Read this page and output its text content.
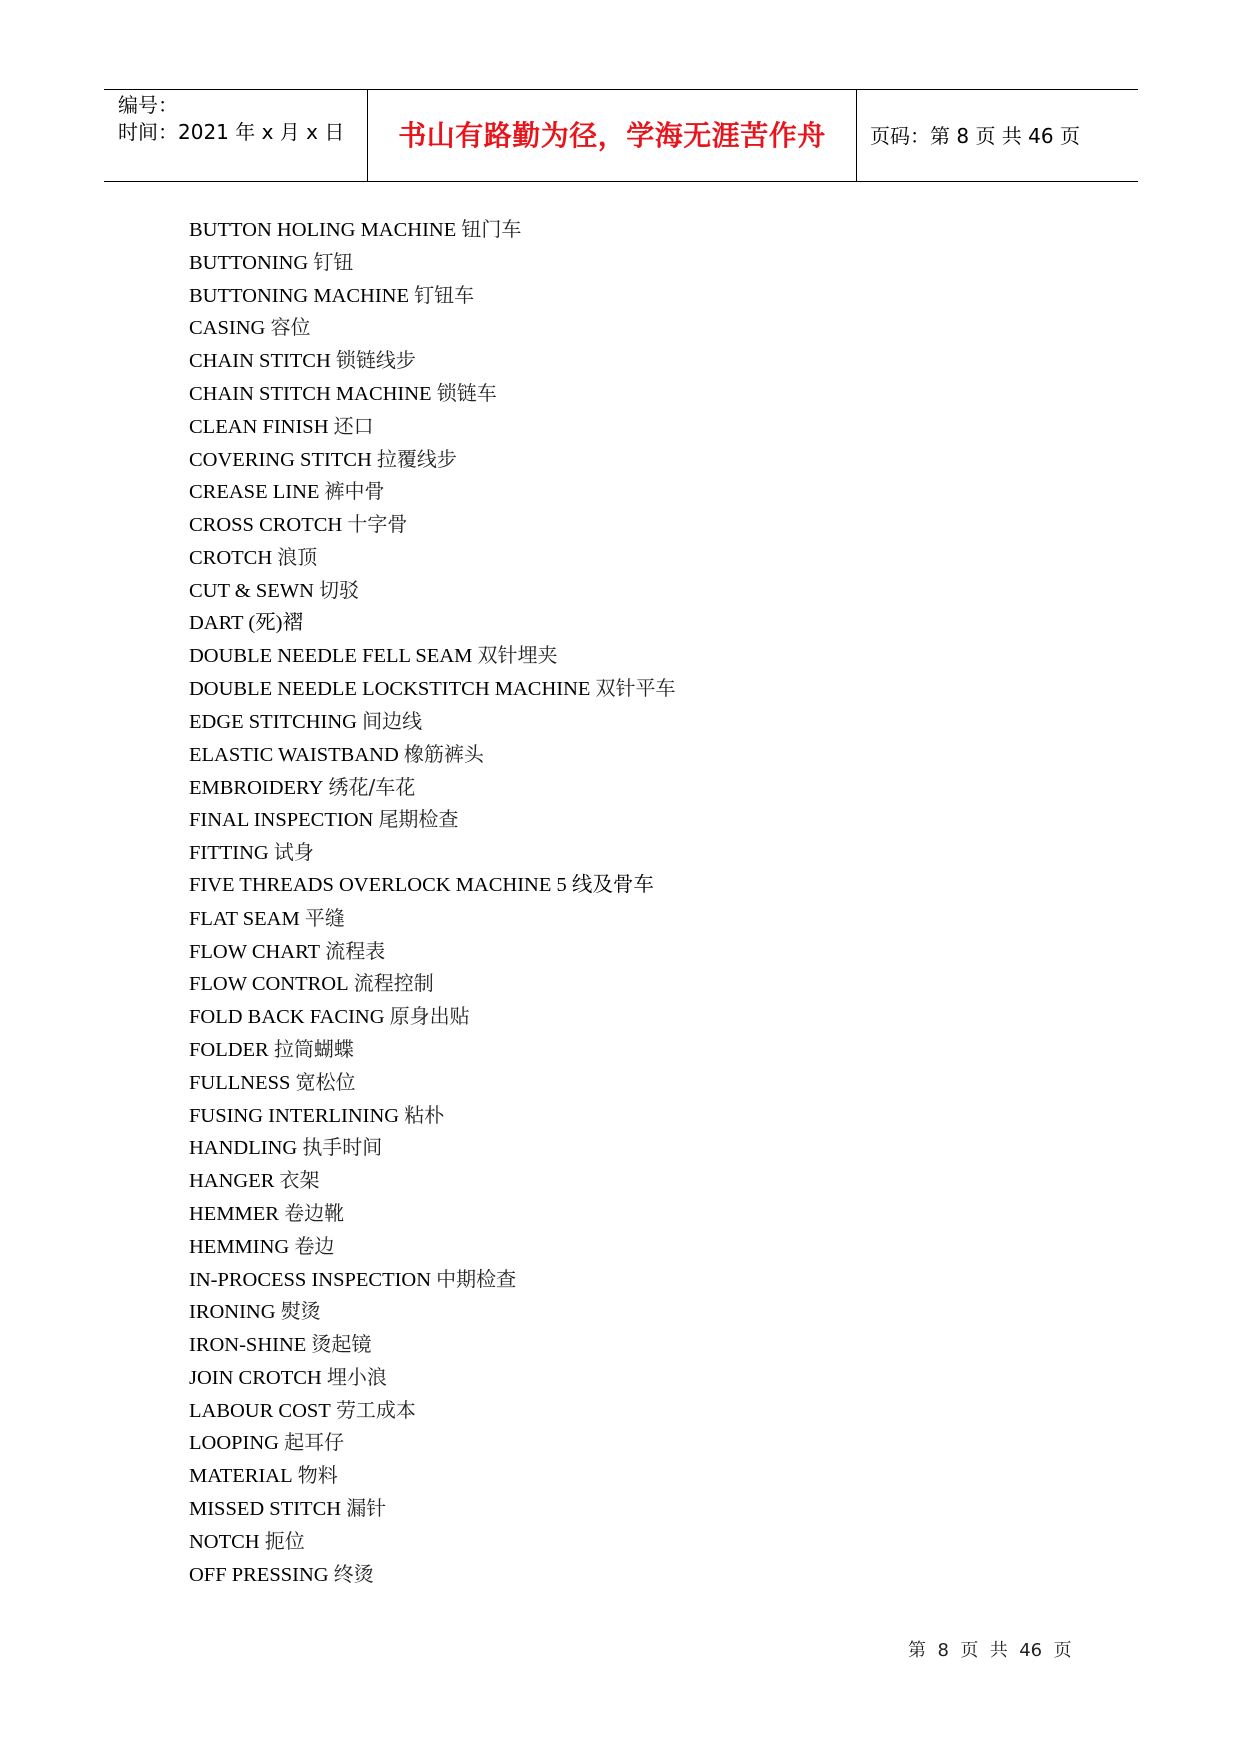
编号：
时间：2021 年 x 月 x 日	书山有路勤为径，学海无涯苦作舟 页码：第 8 页 共 46 页
BUTTON HOLING MACHINE 钮门车
BUTTONING 钉钮
BUTTONING MACHINE 钉钮车
CASING 容位
CHAIN STITCH 锁链线步
CHAIN STITCH MACHINE 锁链车
CLEAN FINISH 还口
COVERING STITCH 拉覆线步
CREASE LINE 裤中骨
CROSS CROTCH 十字骨
CROTCH 浪顶
CUT & SEWN 切驳
DART (死)褶
DOUBLE NEEDLE FELL SEAM 双针埋夹
DOUBLE NEEDLE LOCKSTITCH MACHINE 双针平车
EDGE STITCHING 间边线
ELASTIC WAISTBAND 橡筋裤头
EMBROIDERY 绣花/车花
FINAL INSPECTION 尾期检查
FITTING 试身
FIVE THREADS OVERLOCK MACHINE 5 线及骨车
FLAT SEAM 平缝
FLOW CHART 流程表
FLOW CONTROL 流程控制
FOLD BACK FACING 原身出贴
FOLDER 拉筒蝴蝶
FULLNESS 宽松位
FUSING INTERLINING 粘朴
HANDLING 执手时间
HANGER 衣架
HEMMER 卷边靴
HEMMING 卷边
IN-PROCESS INSPECTION 中期检查
IRONING 熨烫
IRON-SHINE 烫起镜
JOIN CROTCH 埋小浪
LABOUR COST 劳工成本
LOOPING 起耳仔
MATERIAL 物料
MISSED STITCH 漏针
NOTCH 扼位
OFF PRESSING 终烫
第  8  页  共  46  页
